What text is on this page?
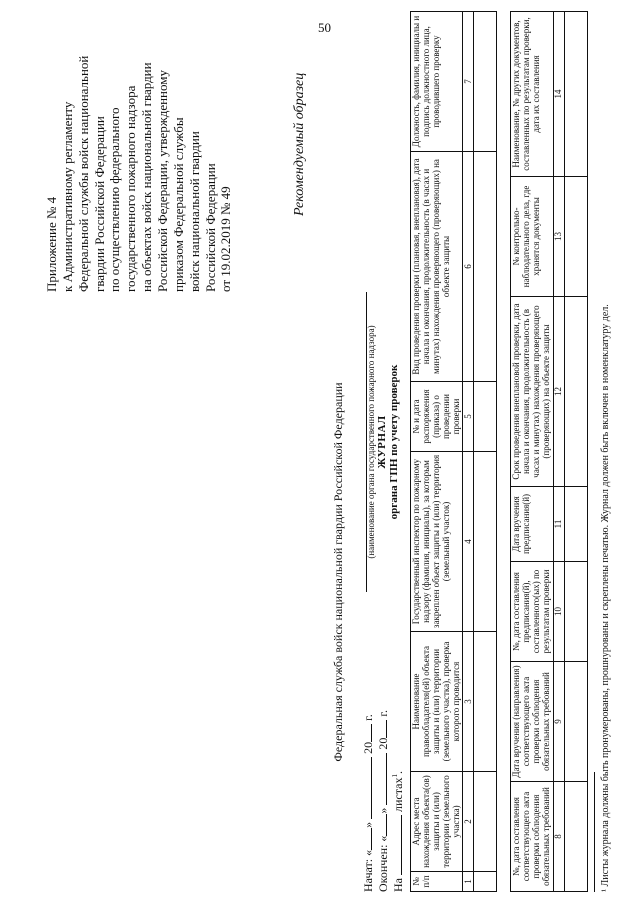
50
Приложение № 4 к Административному регламенту Федеральной службы войск национальной гвардии Российской Федерации по осуществлению федерального государственного пожарного надзора на объектах войск национальной гвардии Российской Федерации, утвержденному приказом Федеральной службы войск национальной гвардии Российской Федерации от 19.02.2019 № 49
Рекомендуемый образец
Федеральная служба войск национальной гвардии Российской Федерации (наименование органа государственного пожарного надзора) ЖУРНАЛ органа ГПН по учету проверок
Начат: «»  20 г.
Окончен: «»  20 г.
На  листах$^1$.
№ п/п	Адрес места нахождения объекта(ов) защиты и (или) территории (земельного участка)	Наименование правообладателя(ей) объекта защиты и (или) территории (земельного участка), проверка которого проводится	Государственный инспектор по пожарному надзору (фамилия, инициалы), за которым закреплен объект защиты и (или) территория (земельный участок)	№ и дата распоряжения (приказа) о проведении проверки	Вид проведения проверки (плановая, внеплановая), дата начала и окончания, продолжительность (в часах и минутах) нахождения проверяющего (проверяющих) на объекте защиты	Должность, фамилия, инициалы и подпись должностного лица, проводившего проверку
1	2	3	4	5	6	7

№, дата составления соответствующего акта проверки соблюдения обязательных требований	Дата вручения (направления) соответствующего акта проверки соблюдения обязательных требований	№, дата составления предписания(й), составленного(ых) по результатам проверки	Дата вручения предписания(й)	Срок проведения внеплановой проверки, дата начала и окончания, продолжительность (в часах и минутах) нахождения проверяющего (проверяющих) на объекте защиты	№ контрольно-наблюдательного дела, где хранятся документы	Наименование, № других документов, составленных по результатам проверки, дата их составления
8	9	10	11	12	13	14

¹ Листы журнала должны быть пронумерованы, прошнурованы и скреплены печатью. Журнал должен быть включен в номенклатуру дел.
